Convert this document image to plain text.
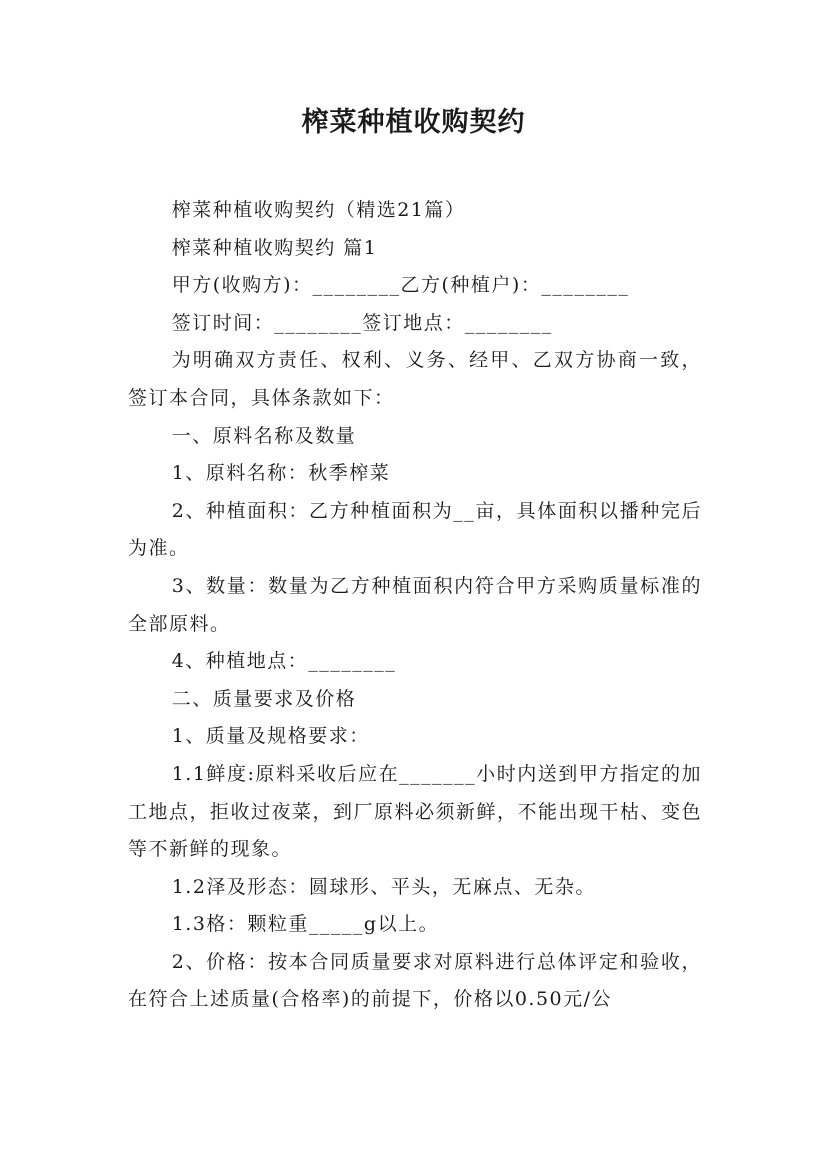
榨菜种植收购契约

榨菜种植收购契约（精选21篇）

榨菜种植收购契约 篇1

甲方(收购方)：________乙方(种植户)：________

签订时间：________签订地点：________

为明确双方责任、权利、义务、经甲、乙双方协商一致，签订本合同，具体条款如下：

一、原料名称及数量

1、原料名称：秋季榨菜

2、种植面积：乙方种植面积为__亩，具体面积以播种完后为准。

3、数量：数量为乙方种植面积内符合甲方采购质量标准的全部原料。

4、种植地点：________

二、质量要求及价格

1、质量及规格要求：

1.1鲜度:原料采收后应在_______小时内送到甲方指定的加工地点，拒收过夜菜，到厂原料必须新鲜，不能出现干枯、变色等不新鲜的现象。

1.2泽及形态：圆球形、平头，无麻点、无杂。

1.3格：颗粒重_____g以上。

2、价格：按本合同质量要求对原料进行总体评定和验收，在符合上述质量(合格率)的前提下，价格以0.50元/公
